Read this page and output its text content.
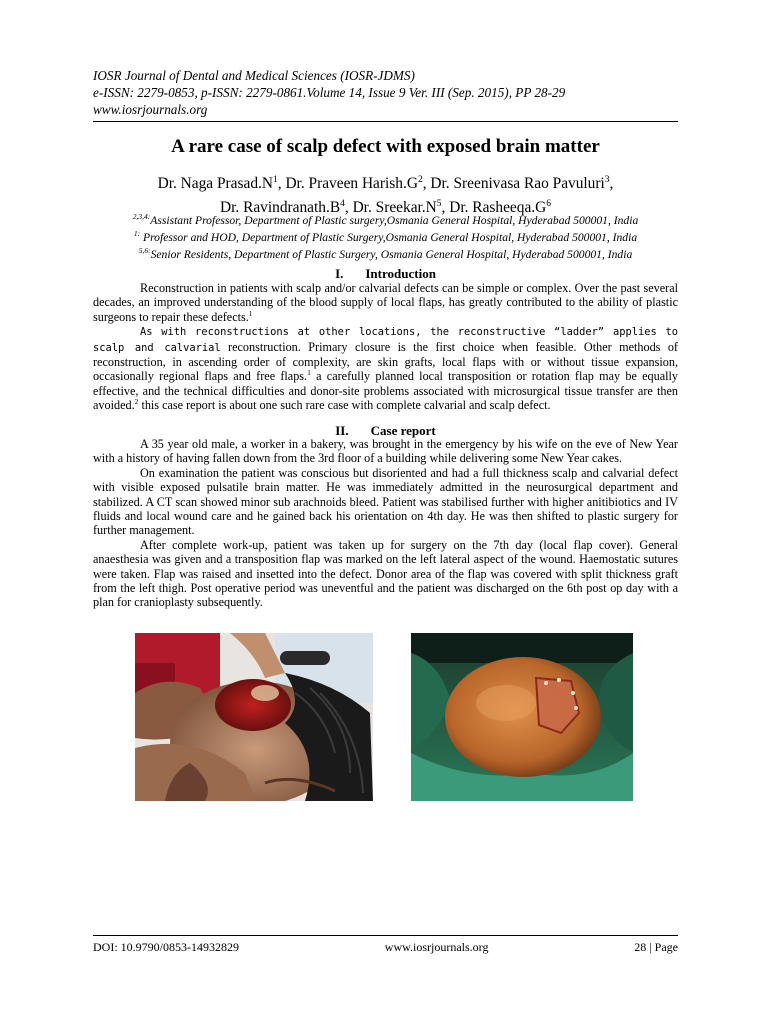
IOSR Journal of Dental and Medical Sciences (IOSR-JDMS)
e-ISSN: 2279-0853, p-ISSN: 2279-0861.Volume 14, Issue 9 Ver. III (Sep. 2015), PP 28-29
www.iosrjournals.org
A rare case of scalp defect with exposed brain matter
Dr. Naga $Prasad.N^1$, Dr. Praveen $Harish.G^2$, Dr. Sreenivasa Rao Pavuluri$^3$,
Dr. $Ravindranath.B^4$, Dr. $Sreekar.N^5$, Dr. $Rasheeqa.G^6$
$^{2,3,4:}$Assistant Professor, Department of Plastic surgery,Osmania General Hospital, Hyderabad 500001, India
$^{1:}$ Professor and HOD, Department of Plastic Surgery,Osmania General Hospital, Hyderabad 500001, India
$^{5,6:}$Senior Residents, Department of Plastic Surgery, Osmania General Hospital, Hyderabad 500001, India
I. Introduction

Reconstruction in patients with scalp and/or calvarial defects can be simple or complex. Over the past several decades, an improved understanding of the blood supply of local flaps, has greatly contributed to the ability of plastic surgeons to repair these defects.$^1$

As with reconstructions at other locations, the reconstructive “ladder” applies to scalp and calvarial reconstruction. Primary closure is the first choice when feasible. Other methods of reconstruction, in ascending order of complexity, are skin grafts, local flaps with or without tissue expansion, occasionally regional flaps and free flaps.$^1$ a carefully planned local transposition or rotation flap may be equally effective, and the technical difficulties and donor-site problems associated with microsurgical tissue transfer are then avoided.$^2$ this case report is about one such rare case with complete calvarial and scalp defect.

II. Case report

A 35 year old male, a worker in a bakery, was brought in the emergency by his wife on the eve of New Year with a history of having fallen down from the 3rd floor of a building while delivering some New Year cakes.

On examination the patient was conscious but disoriented and had a full thickness scalp and calvarial defect with visible exposed pulsatile brain matter. He was immediately admitted in the neurosurgical department and stabilized. A CT scan showed minor sub arachnoids bleed. Patient was stabilised further with higher anitibiotics and IV fluids and local wound care and he gained back his orientation on 4th day. He was then shifted to plastic surgery for further management.

After complete work-up, patient was taken up for surgery on the 7th day (local flap cover). General anaesthesia was given and a transposition flap was marked on the left lateral aspect of the wound. Haemostatic sutures were taken. Flap was raised and insetted into the defect. Donor area of the flap was covered with split thickness graft from the left thigh. Post operative period was uneventful and the patient was discharged on the 6th post op day with a plan for cranioplasty subsequently.

DOI: 10.9790/0853-14932829	www.iosrjournals.org	28 | Page
